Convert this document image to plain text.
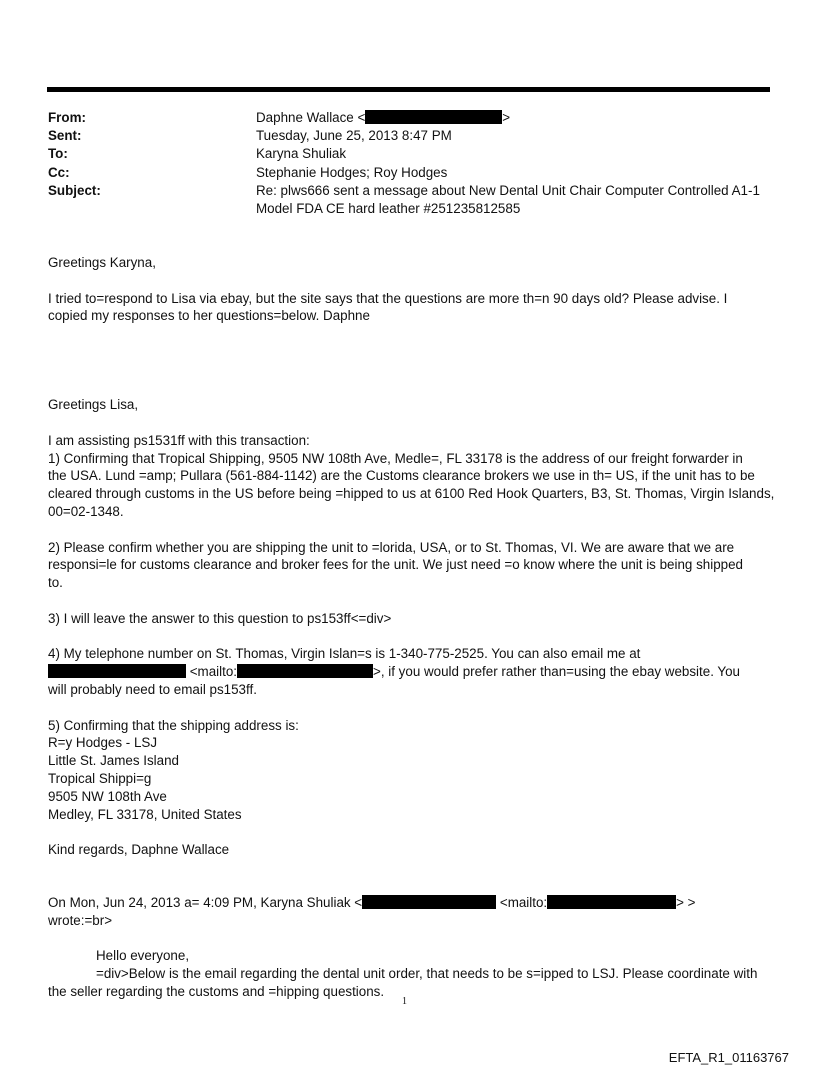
From:	Daphne Wallace <	>
Sent:	Tuesday, June 25, 2013 8:47 PM
To:	Karyna Shuliak
Cc:	Stephanie Hodges; Roy Hodges
Subject:	Re: plws666 sent a message about New Dental Unit Chair Computer Controlled A1-1
Model FDA CE hard leather #251235812585

Greetings Karyna,

I tried to=respond to Lisa via ebay, but the site says that the questions are more th=n 90 days old? Please advise. I

copied my responses to her questions=below. Daphne

Greetings Lisa,

I am assisting ps1531ff with this transaction:

1) Confirming that Tropical Shipping, 9505 NW 108th Ave, Medle=, FL 33178 is the address of our freight forwarder in

the USA. Lund =amp; Pullara (561-884-1142) are the Customs clearance brokers we use in th= US, if the unit has to be

cleared through customs in the US before being =hipped to us at 6100 Red Hook Quarters, B3, St. Thomas, Virgin Islands,

00=02-1348.

2) Please confirm whether you are shipping the unit to =lorida, USA, or to St. Thomas, VI. We are aware that we are

responsi=le for customs clearance and broker fees for the unit. We just need =o know where the unit is being shipped

to.

3) I will leave the answer to this question to ps153ff<=div>

4) My telephone number on St. Thomas, Virgin Islan=s is 1-340-775-2525. You can also email me at

<mailto:	>, if you would prefer rather than=using the ebay website. You

will probably need to email ps153ff.

5) Confirming that the shipping address is:

R=y Hodges - LSJ

Little St. James Island

Tropical Shippi=g

9505 NW 108th Ave

Medley, FL 33178, United States

Kind regards, Daphne Wallace

On Mon, Jun 24, 2013 a= 4:09 PM, Karyna Shuliak <	<mailto:	> >

wrote:=br>

Hello everyone,

=div>Below is the email regarding the dental unit order, that needs to be s=ipped to LSJ. Please coordinate with

the seller regarding the customs and =hipping questions.

1
EFTA_R1_01163767
